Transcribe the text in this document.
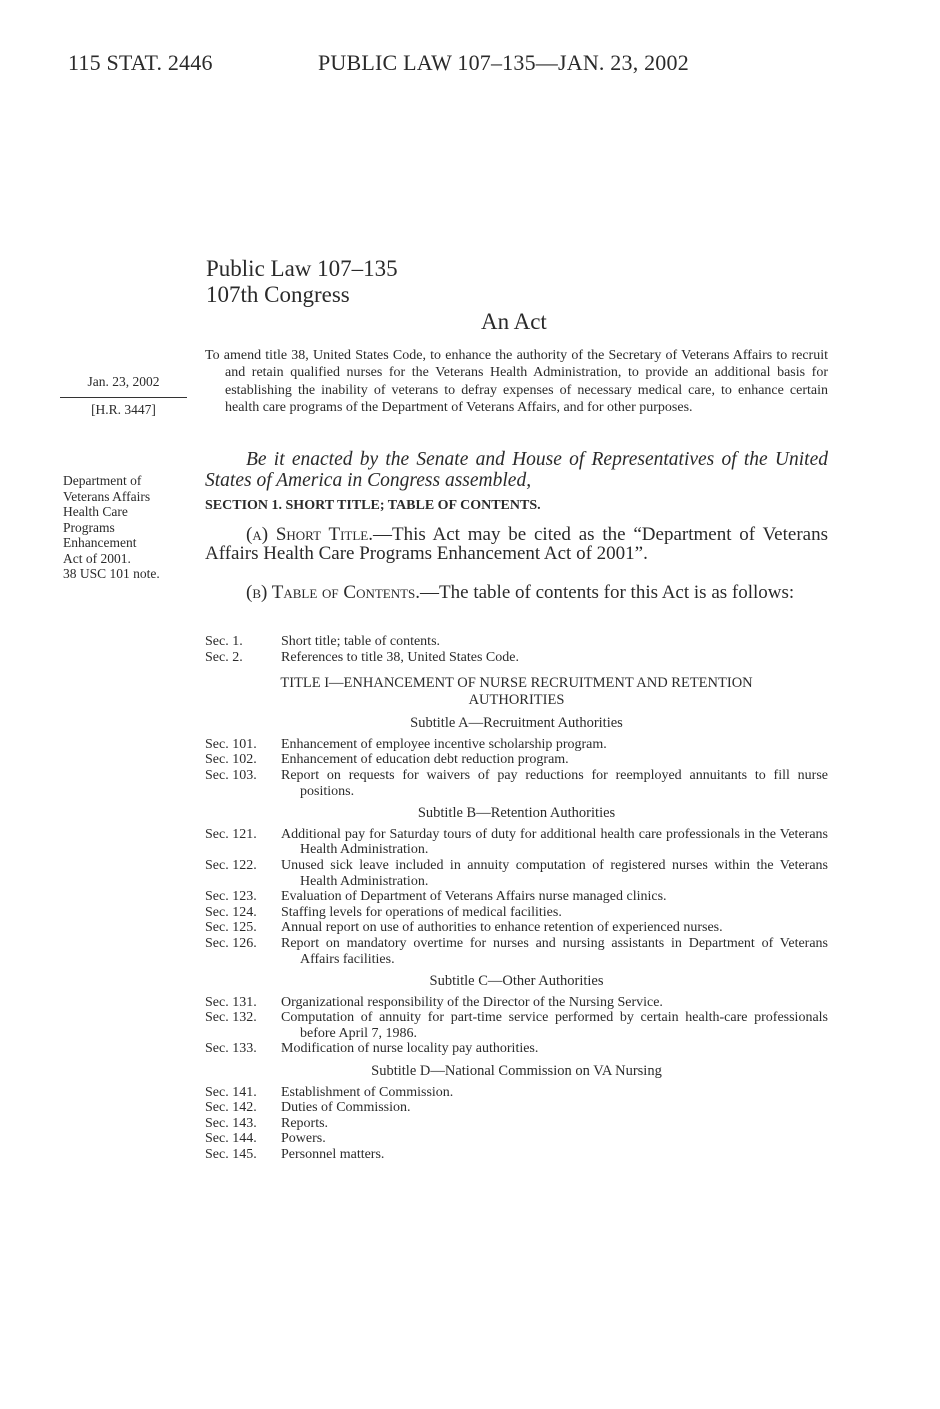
115 STAT. 2446	PUBLIC LAW 107–135—JAN. 23, 2002
Public Law 107–135
107th Congress
An Act
To amend title 38, United States Code, to enhance the authority of the Secretary of Veterans Affairs to recruit and retain qualified nurses for the Veterans Health Administration, to provide an additional basis for establishing the inability of veterans to defray expenses of necessary medical care, to enhance certain health care programs of the Department of Veterans Affairs, and for other purposes.
Jan. 23, 2002
[H.R. 3447]
Department of
Veterans Affairs
Health Care
Programs
Enhancement
Act of 2001.
38 USC 101 note.
Be it enacted by the Senate and House of Representatives of the United States of America in Congress assembled,
SECTION 1. SHORT TITLE; TABLE OF CONTENTS.
(a) Short Title.—This Act may be cited as the “Department of Veterans Affairs Health Care Programs Enhancement Act of 2001”.
(b) Table of Contents.—The table of contents for this Act is as follows:
Sec. 1.	Short title; table of contents.
Sec. 2.	References to title 38, United States Code.
TITLE I—ENHANCEMENT OF NURSE RECRUITMENT AND RETENTION AUTHORITIES
Subtitle A—Recruitment Authorities
Sec. 101.	Enhancement of employee incentive scholarship program.
Sec. 102.	Enhancement of education debt reduction program.
Sec. 103.	Report on requests for waivers of pay reductions for reemployed annuitants to fill nurse positions.
Subtitle B—Retention Authorities
Sec. 121.	Additional pay for Saturday tours of duty for additional health care professionals in the Veterans Health Administration.
Sec. 122.	Unused sick leave included in annuity computation of registered nurses within the Veterans Health Administration.
Sec. 123.	Evaluation of Department of Veterans Affairs nurse managed clinics.
Sec. 124.	Staffing levels for operations of medical facilities.
Sec. 125.	Annual report on use of authorities to enhance retention of experienced nurses.
Sec. 126.	Report on mandatory overtime for nurses and nursing assistants in Department of Veterans Affairs facilities.
Subtitle C—Other Authorities
Sec. 131.	Organizational responsibility of the Director of the Nursing Service.
Sec. 132.	Computation of annuity for part-time service performed by certain health-care professionals before April 7, 1986.
Sec. 133.	Modification of nurse locality pay authorities.
Subtitle D—National Commission on VA Nursing
Sec. 141.	Establishment of Commission.
Sec. 142.	Duties of Commission.
Sec. 143.	Reports.
Sec. 144.	Powers.
Sec. 145.	Personnel matters.
